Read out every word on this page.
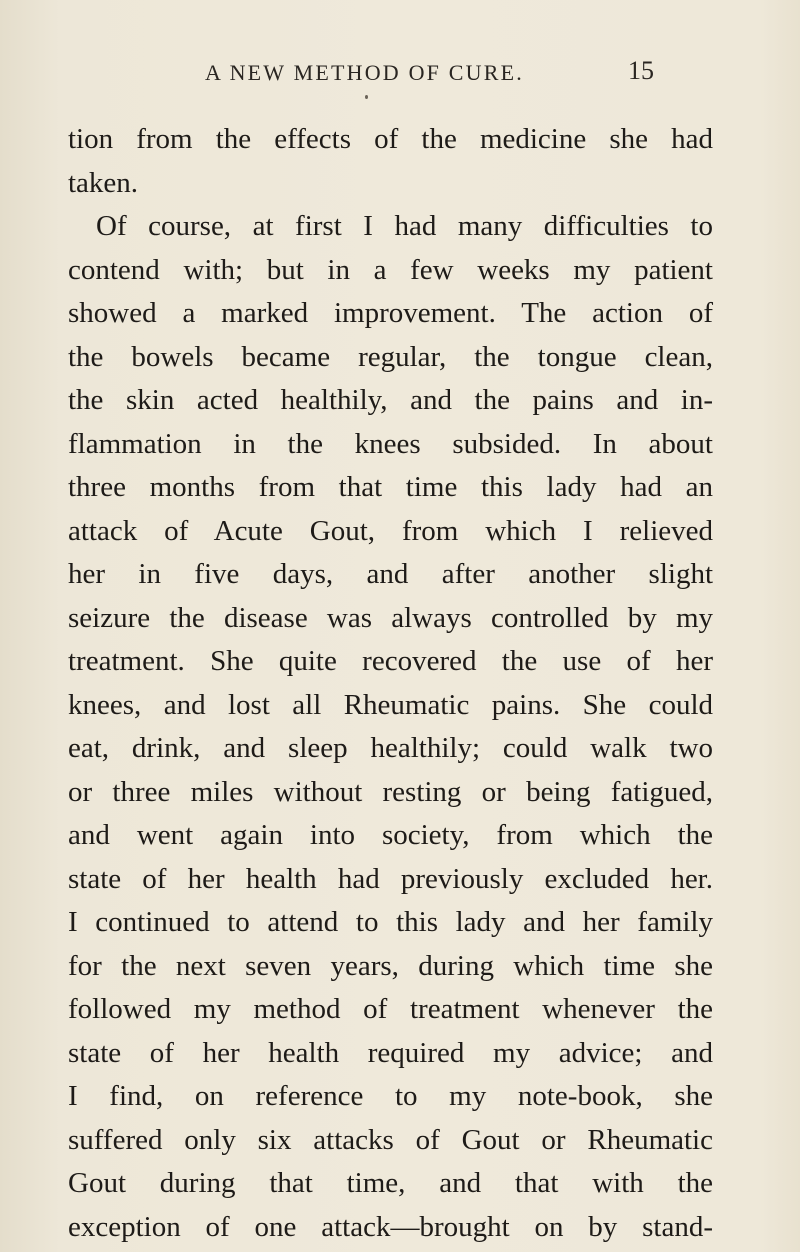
A NEW METHOD OF CURE.	15
tion from the effects of the medicine she had
taken.
Of course, at first I had many difficulties to
contend with; but in a few weeks my patient
showed a marked improvement. The action of
the bowels became regular, the tongue clean,
the skin acted healthily, and the pains and in-
flammation in the knees subsided. In about
three months from that time this lady had an
attack of Acute Gout, from which I relieved
her in five days, and after another slight
seizure the disease was always controlled by my
treatment. She quite recovered the use of her
knees, and lost all Rheumatic pains. She could
eat, drink, and sleep healthily; could walk two
or three miles without resting or being fatigued,
and went again into society, from which the
state of her health had previously excluded her.
I continued to attend to this lady and her family
for the next seven years, during which time she
followed my method of treatment whenever the
state of her health required my advice; and
I find, on reference to my note-book, she
suffered only six attacks of Gout or Rheumatic
Gout during that time, and that with the
exception of one attack—brought on by stand-
